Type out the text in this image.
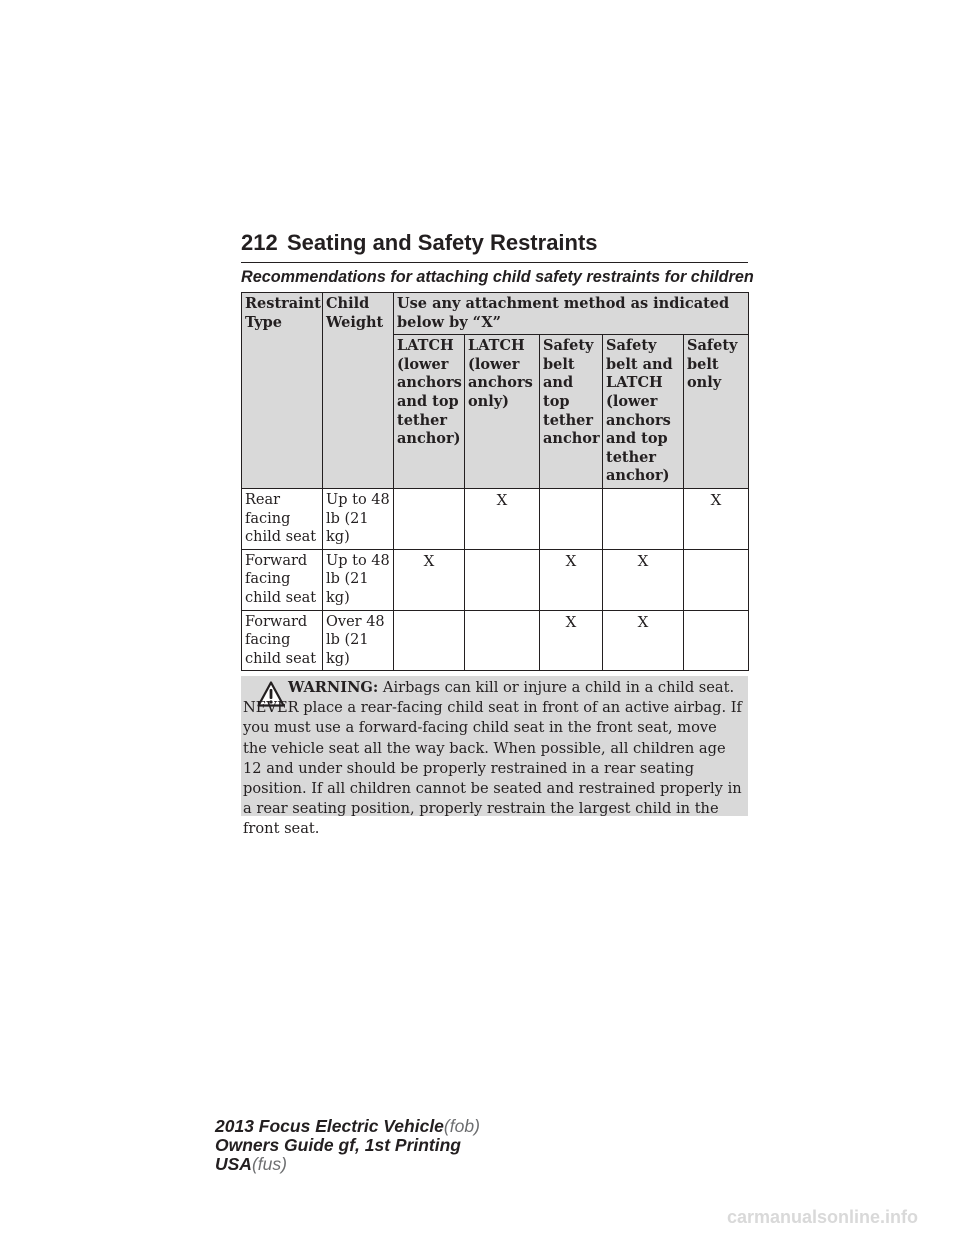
212 Seating and Safety Restraints
Recommendations for attaching child safety restraints for children
Restraint Type	Child Weight	Use any attachment method as indicated below by “X”				
		LATCH (lower anchors and top tether anchor)	LATCH (lower anchors only)	Safety belt and top tether anchor	Safety belt and LATCH (lower anchors and top tether anchor)	Safety belt only
Rear facing child seat	Up to 48 lb (21 kg)		X			X
Forward facing child seat	Up to 48 lb (21 kg)	X		X	X	
Forward facing child seat	Over 48 lb (21 kg)			X	X	
WARNING: Airbags can kill or injure a child in a child seat. NEVER place a rear-facing child seat in front of an active airbag. If you must use a forward-facing child seat in the front seat, move the vehicle seat all the way back. When possible, all children age 12 and under should be properly restrained in a rear seating position. If all children cannot be seated and restrained properly in a rear seating position, properly restrain the largest child in the front seat.
2013 Focus Electric Vehicle(fob)
Owners Guide gf, 1st Printing
USA(fus)
carmanualsonline.info
